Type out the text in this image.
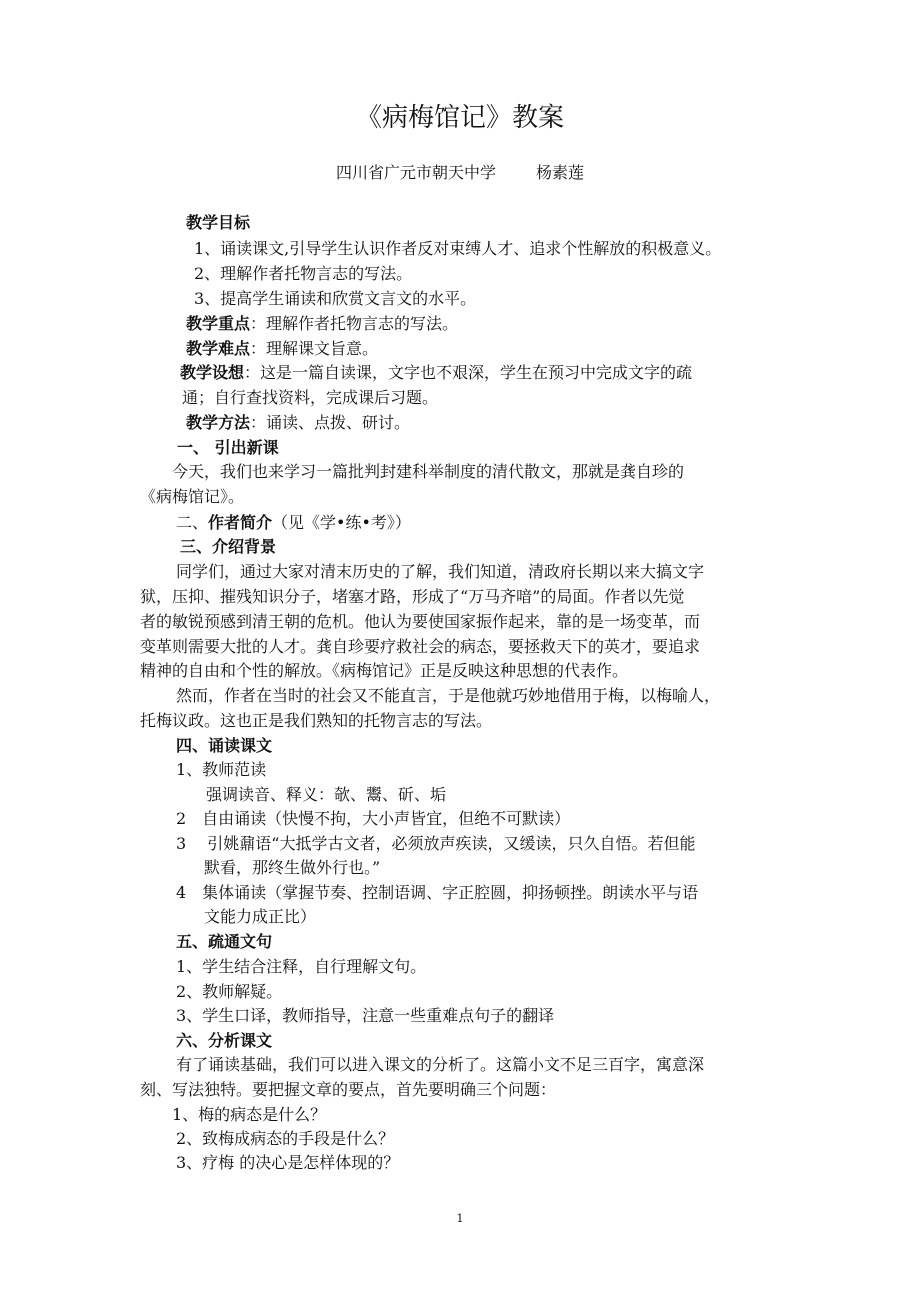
《病梅馆记》教案
四川省广元市朝天中学	杨素莲
教学目标
1、诵读课文,引导学生认识作者反对束缚人才、追求个性解放的积极意义。
2、理解作者托物言志的写法。
3、提高学生诵读和欣赏文言文的水平。
教学重点：理解作者托物言志的写法。
教学难点：理解课文旨意。
教学设想：这是一篇自读课，文字也不艰深，学生在预习中完成文字的疏
通；自行查找资料，完成课后习题。
教学方法：诵读、点拨、研讨。
一、 引出新课
今天，我们也来学习一篇批判封建科举制度的清代散文，那就是龚自珍的
《病梅馆记》。
二、作者简介（见《学•练•考》）
三、介绍背景
同学们，通过大家对清末历史的了解，我们知道，清政府长期以来大搞文字
狱，压抑、摧残知识分子，堵塞才路，形成了“万马齐喑”的局面。作者以先觉
者的敏锐预感到清王朝的危机。他认为要使国家振作起来，靠的是一场变革，而
变革则需要大批的人才。龚自珍要疗救社会的病态，要拯救天下的英才，要追求
精神的自由和个性的解放。《病梅馆记》正是反映这种思想的代表作。
然而，作者在当时的社会又不能直言，于是他就巧妙地借用于梅，以梅喻人，
托梅议政。这也正是我们熟知的托物言志的写法。
四、诵读课文
1、教师范读
强调读音、释义：欹、鬻、斫、垢
2　自由诵读（快慢不拘，大小声皆宜，但绝不可默读）
3　 引姚鼐语“大抵学古文者，必须放声疾读，又缓读，只久自悟。若但能
默看，那终生做外行也。”
4　集体诵读（掌握节奏、控制语调、字正腔圆，抑扬顿挫。朗读水平与语
文能力成正比）
五、疏通文句
1、学生结合注释，自行理解文句。
2、教师解疑。
3、学生口译，教师指导，注意一些重难点句子的翻译
六、分析课文
有了诵读基础，我们可以进入课文的分析了。这篇小文不足三百字，寓意深
刻、写法独特。要把握文章的要点，首先要明确三个问题：
1、梅的病态是什么？
2、致梅成病态的手段是什么？
3、疗梅 的决心是怎样体现的？
1
